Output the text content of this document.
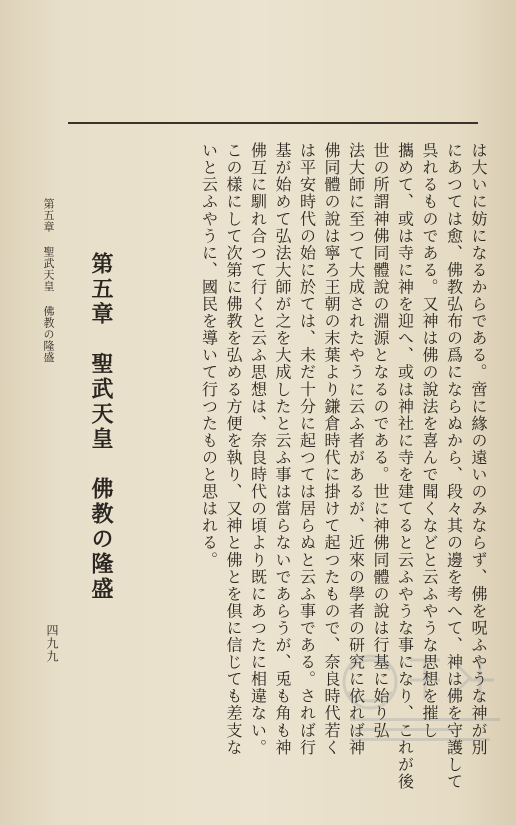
は大いに妨になるからである。啻に緣の遠いのみならず、佛を呪ふやうな神が別
にあつては愈、佛教弘布の爲にならぬから、段々其の邊を考へて、神は佛を守護して
呉れるものである。又神は佛の說法を喜んで聞くなどと云ふやうな思想を摧し
攜めて、或は寺に神を迎へ、或は神社に寺を建てると云ふやうな事になり、これが後
世の所謂神佛同體說の淵源となるのである。世に神佛同體の說は行基に始り弘
法大師に至つて大成されたやうに云ふ者があるが、近來の學者の研究に依れば神
佛同體の說は寧ろ王朝の末葉より鎌倉時代に掛けて起つたもので、奈良時代若く
は平安時代の始に於ては、未だ十分に起つては居らぬと云ふ事である。されば行
基が始めて弘法大師が之を大成したと云ふ事は當らないであらうが、兎も角も神
佛互に馴れ合つて行くと云ふ思想は、奈良時代の頃より既にあつたに相違ない。
この樣にして次第に佛教を弘める方便を執り、又神と佛とを倶に信じても差支な
いと云ふやうに、國民を導いて行つたものと思はれる。
第五章　聖武天皇　佛教の隆盛
第五章 聖武天皇 佛教の隆盛
四九九
